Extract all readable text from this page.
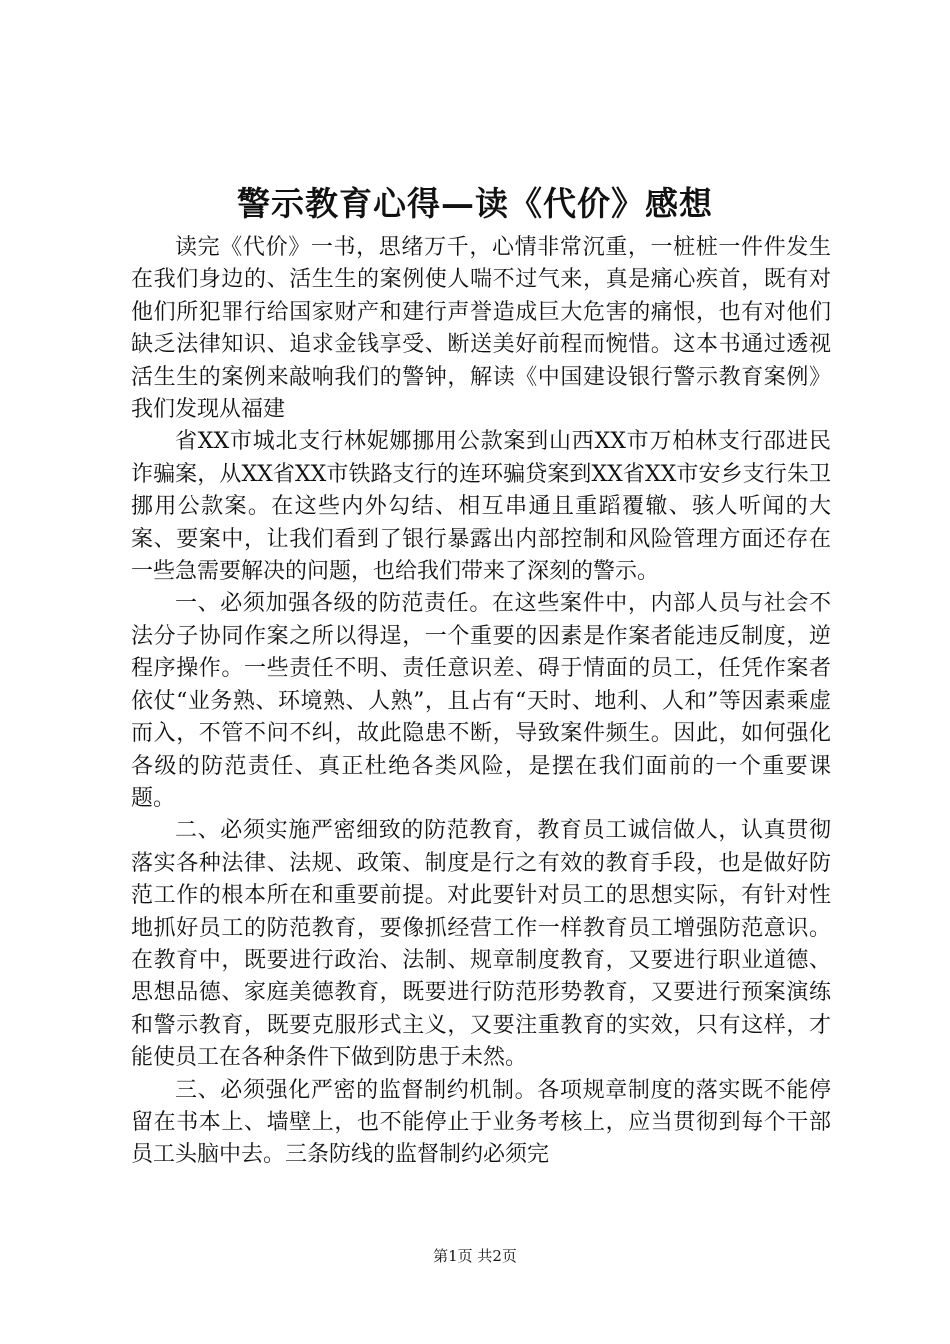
警示教育心得—读《代价》感想

读完《代价》一书，思绪万千，心情非常沉重，一桩桩一件件发生在我们身边的、活生生的案例使人喘不过气来，真是痛心疾首，既有对他们所犯罪行给国家财产和建行声誉造成巨大危害的痛恨，也有对他们缺乏法律知识、追求金钱享受、断送美好前程而惋惜。这本书通过透视活生生的案例来敲响我们的警钟，解读《中国建设银行警示教育案例》我们发现从福建

省XX市城北支行林妮娜挪用公款案到山西XX市万柏林支行邵进民诈骗案，从XX省XX市铁路支行的连环骗贷案到XX省XX市安乡支行朱卫挪用公款案。在这些内外勾结、相互串通且重蹈覆辙、骇人听闻的大案、要案中，让我们看到了银行暴露出内部控制和风险管理方面还存在一些急需要解决的问题，也给我们带来了深刻的警示。

一、必须加强各级的防范责任。在这些案件中，内部人员与社会不法分子协同作案之所以得逞，一个重要的因素是作案者能违反制度，逆程序操作。一些责任不明、责任意识差、碍于情面的员工，任凭作案者依仗“业务熟、环境熟、人熟”，且占有“天时、地利、人和”等因素乘虚而入，不管不问不纠，故此隐患不断，导致案件频生。因此，如何强化各级的防范责任、真正杜绝各类风险，是摆在我们面前的一个重要课题。

二、必须实施严密细致的防范教育，教育员工诚信做人，认真贯彻落实各种法律、法规、政策、制度是行之有效的教育手段，也是做好防范工作的根本所在和重要前提。对此要针对员工的思想实际，有针对性地抓好员工的防范教育，要像抓经营工作一样教育员工增强防范意识。在教育中，既要进行政治、法制、规章制度教育，又要进行职业道德、思想品德、家庭美德教育，既要进行防范形势教育，又要进行预案演练和警示教育，既要克服形式主义，又要注重教育的实效，只有这样，才能使员工在各种条件下做到防患于未然。

三、必须强化严密的监督制约机制。各项规章制度的落实既不能停留在书本上、墙壁上，也不能停止于业务考核上，应当贯彻到每个干部员工头脑中去。三条防线的监督制约必须完

第1页 共2页
